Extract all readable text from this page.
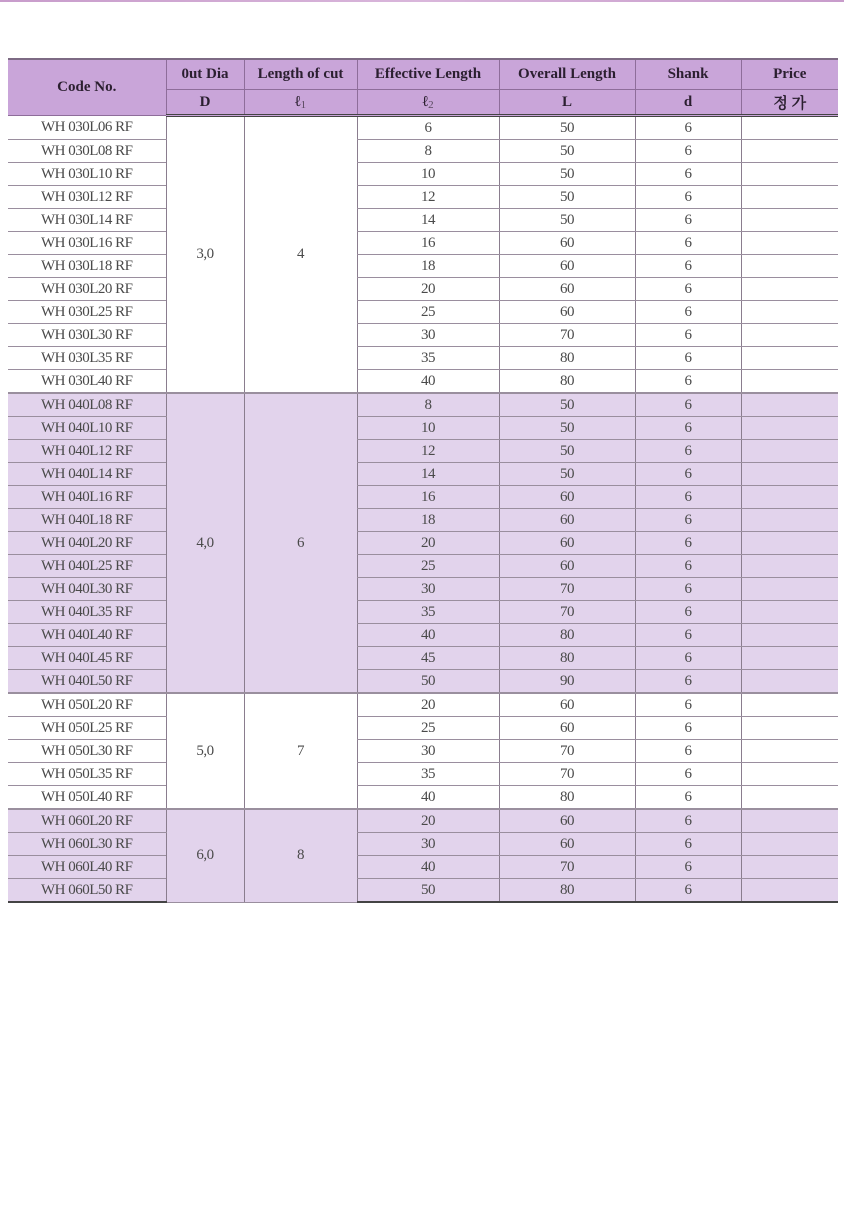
Code No.	0ut Dia	Length of cut	Effective Length	Overall Length	Shank	Price
	D	ℓ1	ℓ2	L	d	정 가
WH 030L06 RF	3,0	4	6	50	6	
WH 030L08 RF			8	50	6	
WH 030L10 RF			10	50	6	
WH 030L12 RF			12	50	6	
WH 030L14 RF			14	50	6	
WH 030L16 RF			16	60	6	
WH 030L18 RF			18	60	6	
WH 030L20 RF			20	60	6	
WH 030L25 RF			25	60	6	
WH 030L30 RF			30	70	6	
WH 030L35 RF			35	80	6	
WH 030L40 RF			40	80	6	
WH 040L08 RF	4,0	6	8	50	6	
WH 040L10 RF			10	50	6	
WH 040L12 RF			12	50	6	
WH 040L14 RF			14	50	6	
WH 040L16 RF			16	60	6	
WH 040L18 RF			18	60	6	
WH 040L20 RF			20	60	6	
WH 040L25 RF			25	60	6	
WH 040L30 RF			30	70	6	
WH 040L35 RF			35	70	6	
WH 040L40 RF			40	80	6	
WH 040L45 RF			45	80	6	
WH 040L50 RF			50	90	6	
WH 050L20 RF	5,0	7	20	60	6	
WH 050L25 RF			25	60	6	
WH 050L30 RF			30	70	6	
WH 050L35 RF			35	70	6	
WH 050L40 RF			40	80	6	
WH 060L20 RF	6,0	8	20	60	6	
WH 060L30 RF			30	60	6	
WH 060L40 RF			40	70	6	
WH 060L50 RF			50	80	6	
